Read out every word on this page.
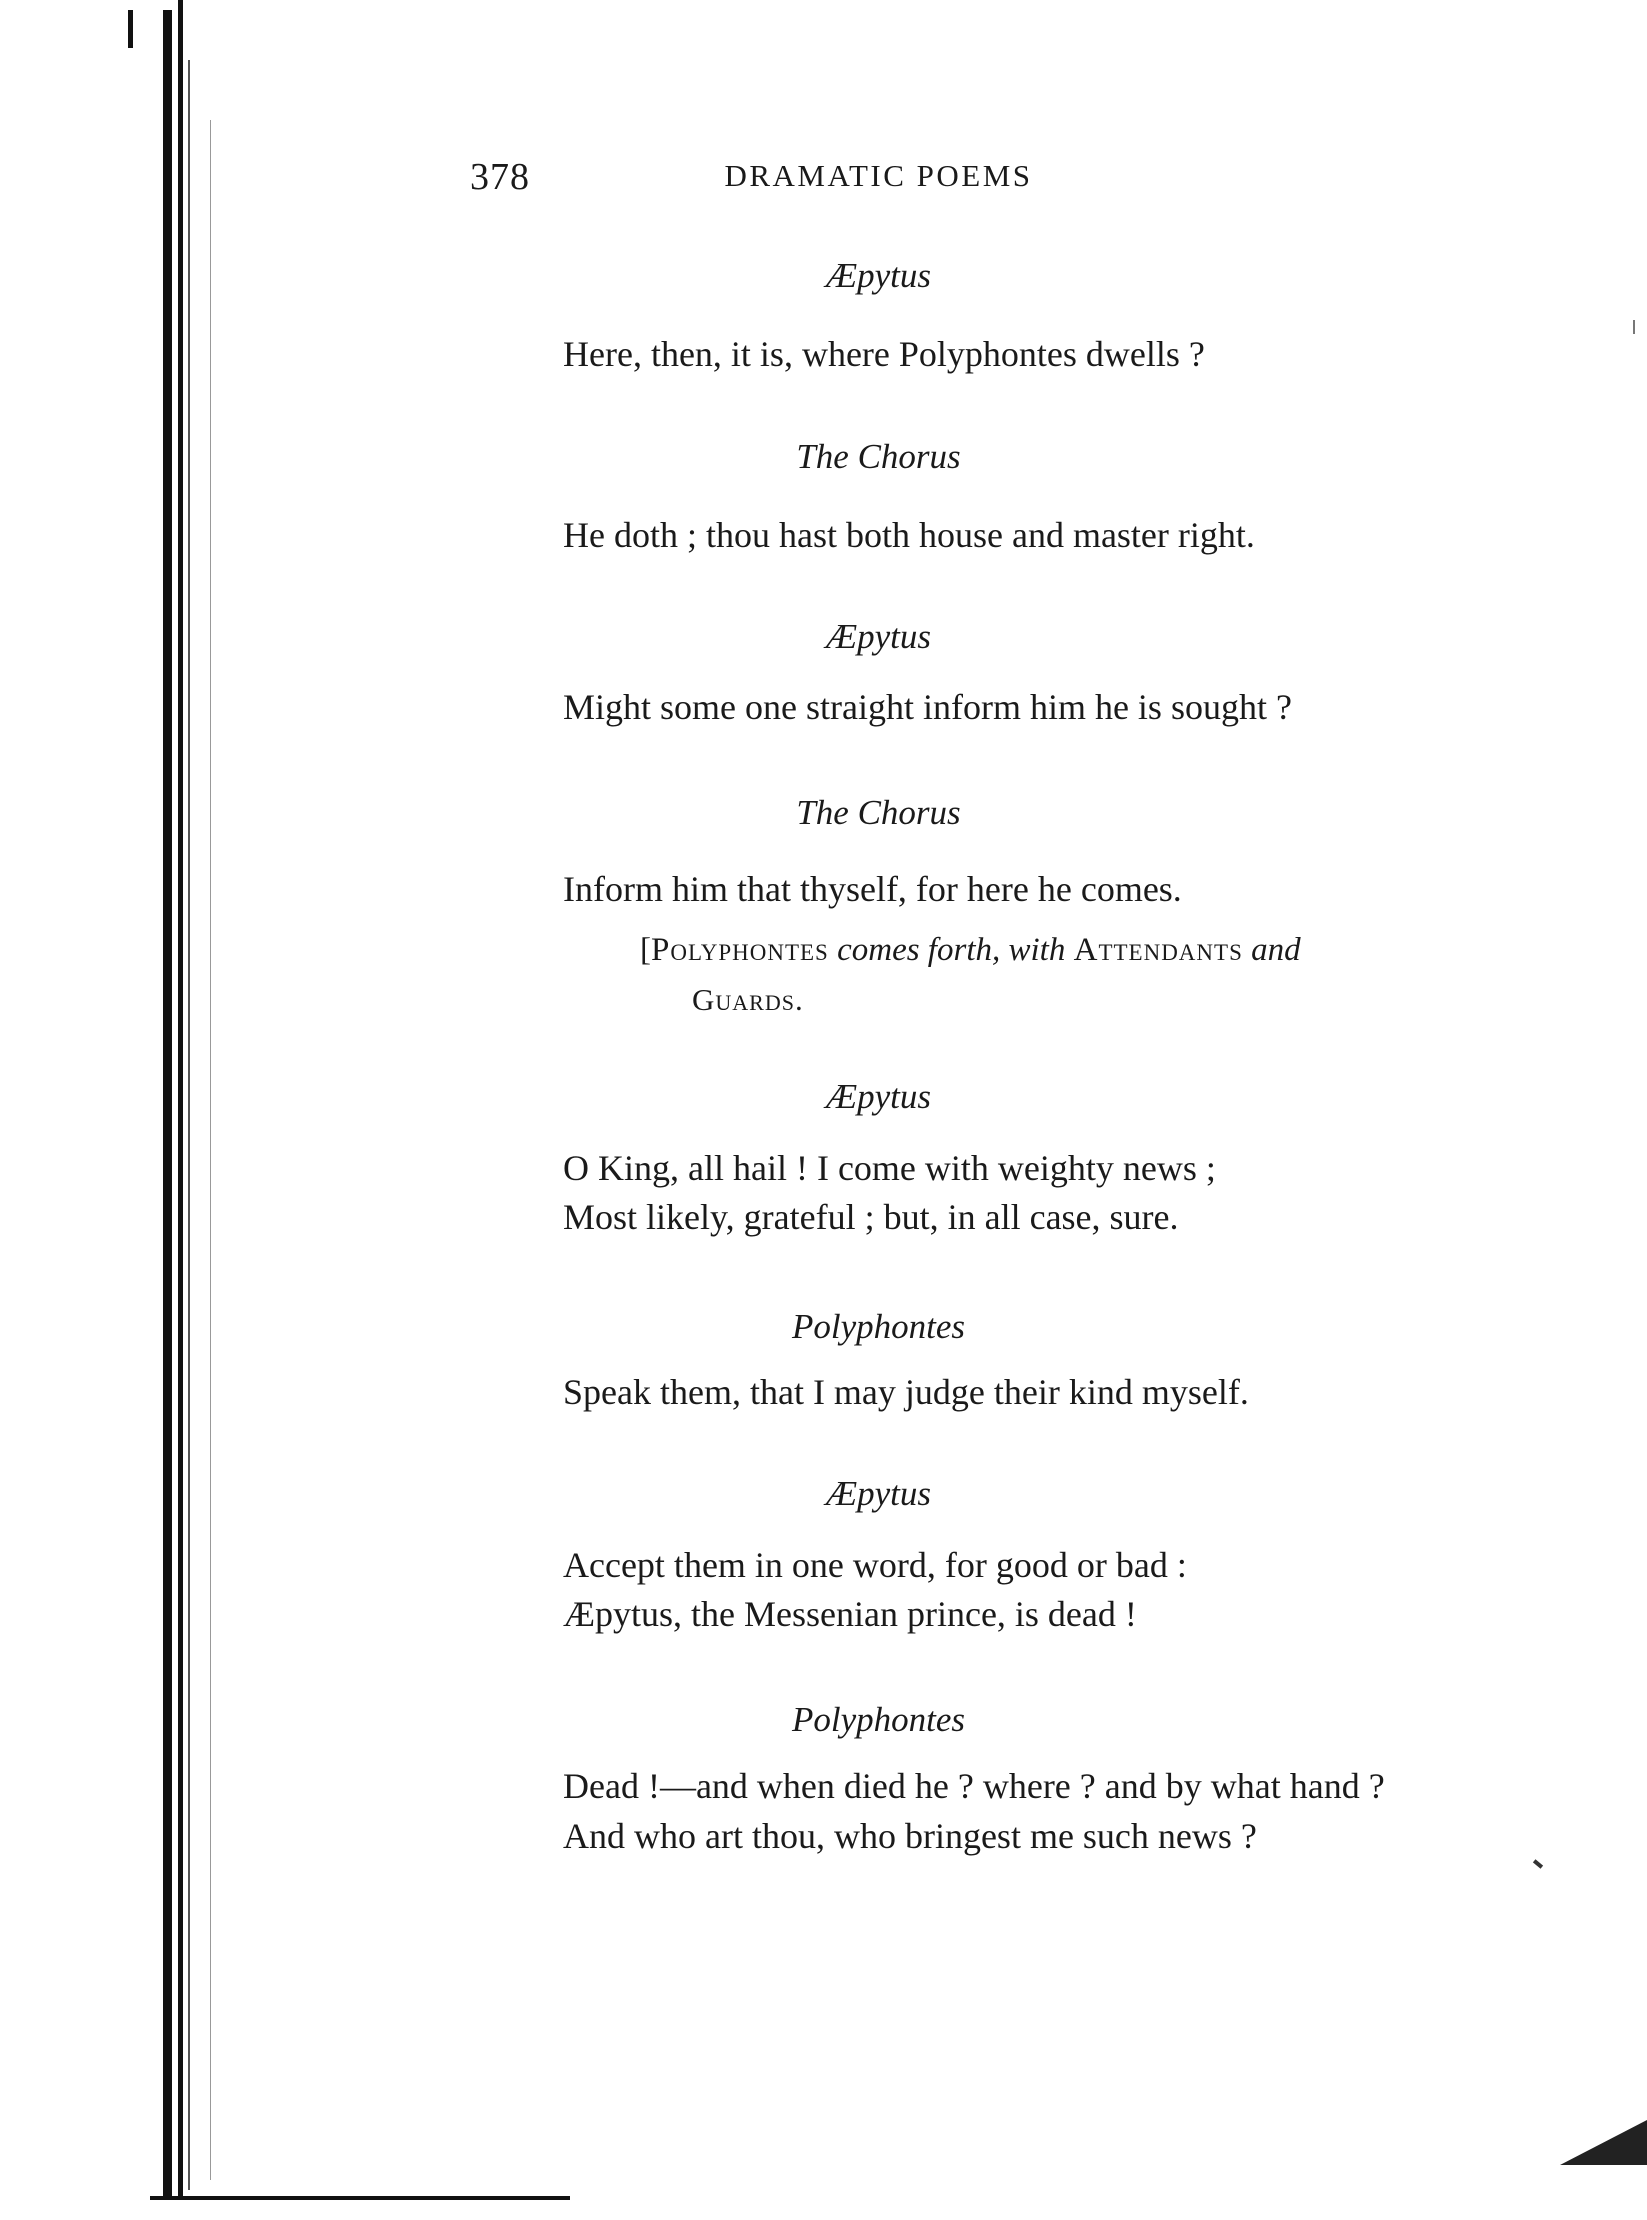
378	DRAMATIC POEMS
Æpytus
Here, then, it is, where Polyphontes dwells ?
The Chorus
He doth ; thou hast both house and master right.
Æpytus
Might some one straight inform him he is sought ?
The Chorus
Inform him that thyself, for here he comes.
[Polyphontes comes forth, with Attendants and
Guards.
Æpytus
O King, all hail ! I come with weighty news ;
Most likely, grateful ; but, in all case, sure.
Polyphontes
Speak them, that I may judge their kind myself.
Æpytus
Accept them in one word, for good or bad :
Æpytus, the Messenian prince, is dead !
Polyphontes
Dead !—and when died he ? where ? and by what hand ?
And who art thou, who bringest me such news ?
